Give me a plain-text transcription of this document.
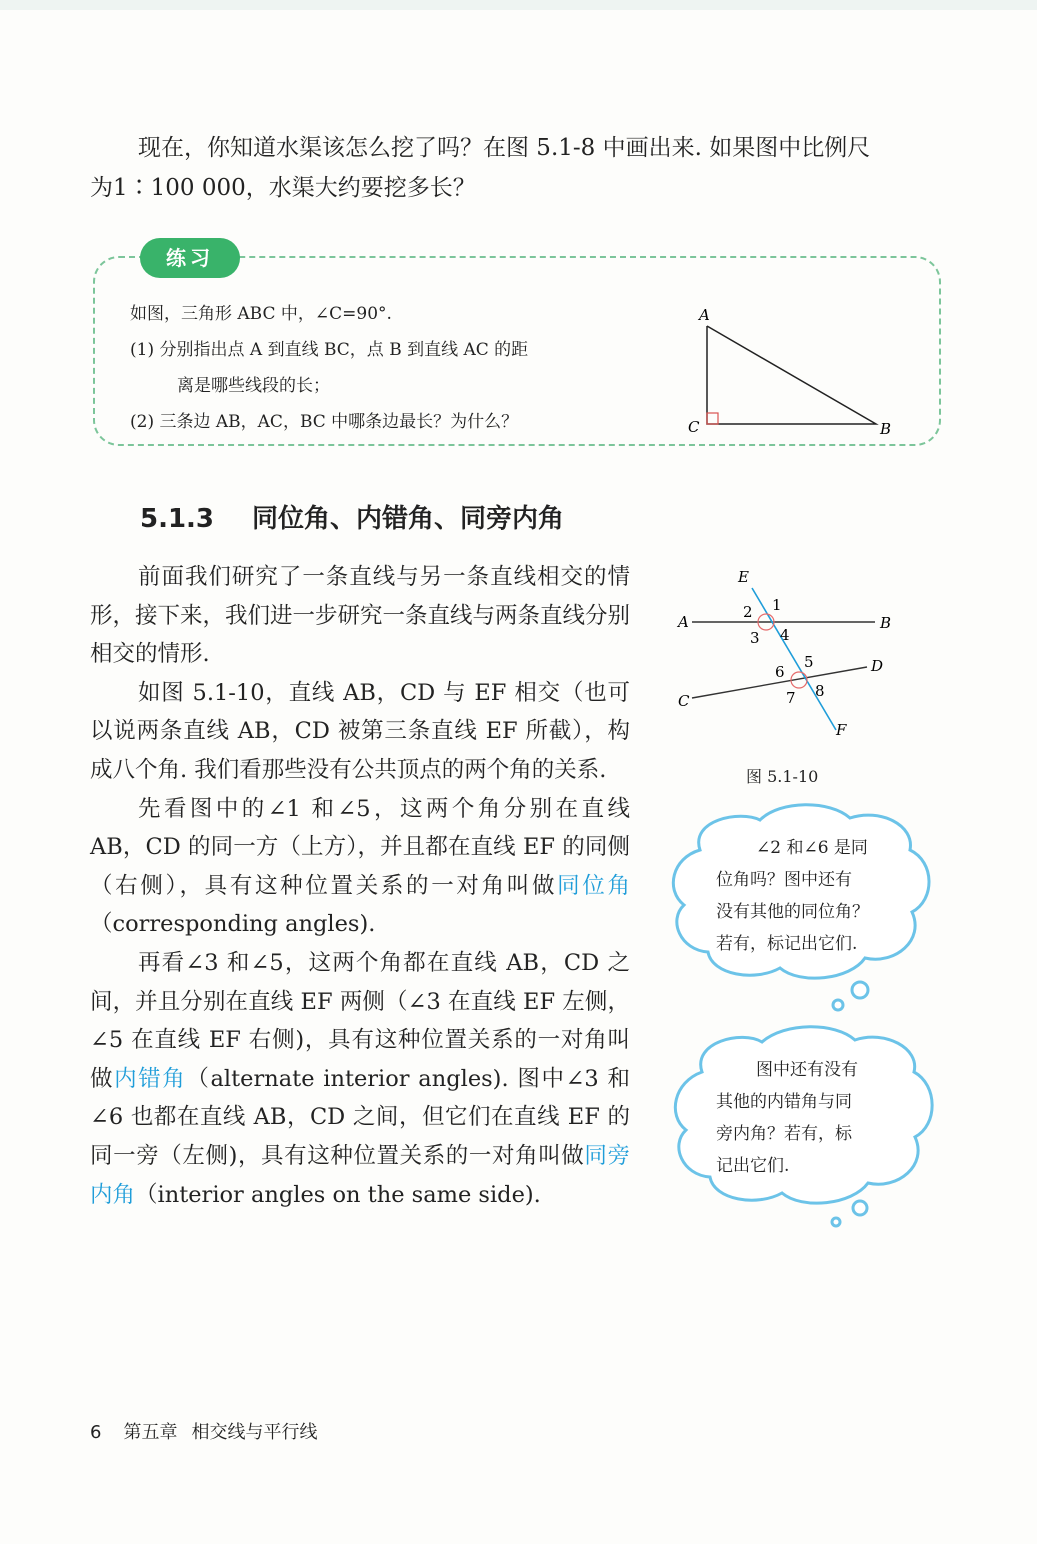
现在，你知道水渠该怎么挖了吗？在图 5.1-8 中画出来. 如果图中比例尺

为1∶100 000，水渠大约要挖多长？
练习
如图，三角形 ABC 中，∠C=90°.
(1) 分别指出点 A 到直线 BC，点 B 到直线 AC 的距
离是哪些线段的长；
(2) 三条边 AB，AC，BC 中哪条边最长？为什么？
5.1.3 同位角、内错角、同旁内角

前面我们研究了一条直线与另一条直线相交的情形，接下来，我们进一步研究一条直线与两条直线分别相交的情形.

如图 5.1-10，直线 AB，CD 与 EF 相交（也可以说两条直线 AB，CD 被第三条直线 EF 所截），构成八个角. 我们看那些没有公共顶点的两个角的关系.

先看图中的∠1 和∠5，这两个角分别在直线 AB，CD 的同一方（上方），并且都在直线 EF 的同侧（右侧），具有这种位置关系的一对角叫做同位角（corresponding angles).

再看∠3 和∠5，这两个角都在直线 AB，CD 之间，并且分别在直线 EF 两侧（∠3 在直线 EF 左侧，∠5 在直线 EF 右侧)，具有这种位置关系的一对角叫做内错角（alternate interior angles). 图中∠3 和∠6 也都在直线 AB，CD 之间，但它们在直线 EF 的同一旁（左侧)，具有这种位置关系的一对角叫做同旁内角（interior angles on the same side).

A
C	B
E
F
A	B
C
D
1
2
3 4
5
6
7 8
图 5.1-10
∠2 和∠6 是同
位角吗？图中还有
没有其他的同位角？
若有，标记出它们.
图中还有没有
其他的内错角与同
旁内角？若有，标
记出它们.
6 第五章 相交线与平行线
